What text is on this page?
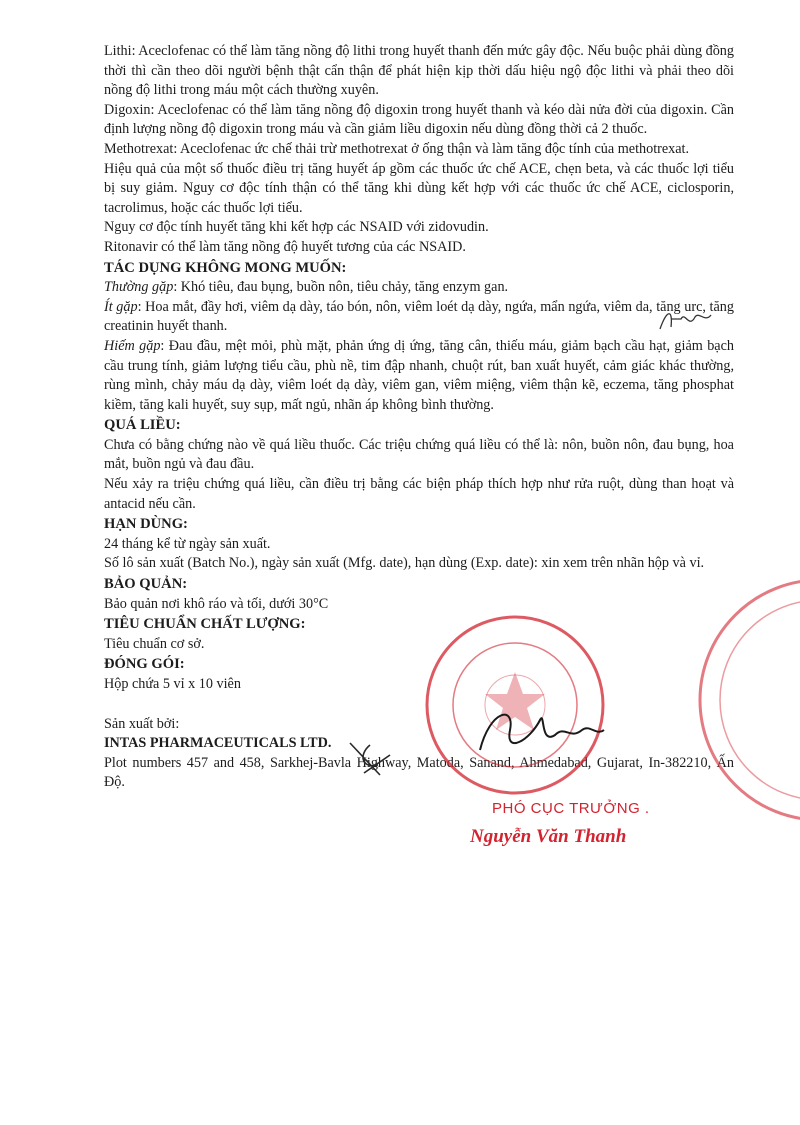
Lithi: Aceclofenac có thể làm tăng nồng độ lithi trong huyết thanh đến mức gây độc. Nếu buộc phải dùng đồng thời thì cần theo dõi người bệnh thật cẩn thận để phát hiện kịp thời dấu hiệu ngộ độc lithi và phải theo dõi nồng độ lithi trong máu một cách thường xuyên.

Digoxin: Aceclofenac có thể làm tăng nồng độ digoxin trong huyết thanh và kéo dài nửa đời của digoxin. Cần định lượng nồng độ digoxin trong máu và cần giảm liều digoxin nếu dùng đồng thời cả 2 thuốc.

Methotrexat: Aceclofenac ức chế thải trừ methotrexat ở ống thận và làm tăng độc tính của methotrexat.

Hiệu quả của một số thuốc điều trị tăng huyết áp gồm các thuốc ức chế ACE, chẹn beta, và các thuốc lợi tiểu bị suy giảm. Nguy cơ độc tính thận có thể tăng khi dùng kết hợp với các thuốc ức chế ACE, ciclosporin, tacrolimus, hoặc các thuốc lợi tiểu.

Nguy cơ độc tính huyết tăng khi kết hợp các NSAID với zidovudin.

Ritonavir có thể làm tăng nồng độ huyết tương của các NSAID.

TÁC DỤNG KHÔNG MONG MUỐN:

Thường gặp: Khó tiêu, đau bụng, buồn nôn, tiêu chảy, tăng enzym gan.

Ít gặp: Hoa mắt, đầy hơi, viêm dạ dày, táo bón, nôn, viêm loét dạ dày, ngứa, mẩn ngứa, viêm da, tăng urc, tăng creatinin huyết thanh.

Hiếm gặp: Đau đầu, mệt mỏi, phù mặt, phản ứng dị ứng, tăng cân, thiếu máu, giảm bạch cầu hạt, giảm bạch cầu trung tính, giảm lượng tiểu cầu, phù nề, tim đập nhanh, chuột rút, ban xuất huyết, cảm giác khác thường, rùng mình, chảy máu dạ dày, viêm loét dạ dày, viêm gan, viêm miệng, viêm thận kẽ, eczema, tăng phosphat kiềm, tăng kali huyết, suy sụp, mất ngủ, nhãn áp không bình thường.

QUÁ LIỀU:

Chưa có bằng chứng nào về quá liều thuốc. Các triệu chứng quá liều có thể là: nôn, buồn nôn, đau bụng, hoa mắt, buồn ngủ và đau đầu.

Nếu xảy ra triệu chứng quá liều, cần điều trị bằng các biện pháp thích hợp như rửa ruột, dùng than hoạt và antacid nếu cần.

HẠN DÙNG:

24 tháng kể từ ngày sản xuất.

Số lô sản xuất (Batch No.), ngày sản xuất (Mfg. date), hạn dùng (Exp. date): xin xem trên nhãn hộp và vỉ.

BẢO QUẢN:

Bảo quản nơi khô ráo và tối, dưới 30°C

TIÊU CHUẨN CHẤT LƯỢNG:

Tiêu chuẩn cơ sở.

ĐÓNG GÓI:

Hộp chứa 5 vỉ x 10 viên

Sản xuất bởi:

INTAS PHARMACEUTICALS LTD.

Plot numbers 457 and 458, Sarkhej-Bavla Highway, Matoda, Sanand, Ahmedabad, Gujarat, In-382210, Ấn Độ.

PHÓ CỤC TRƯỞNG .
Nguyễn Văn Thanh
